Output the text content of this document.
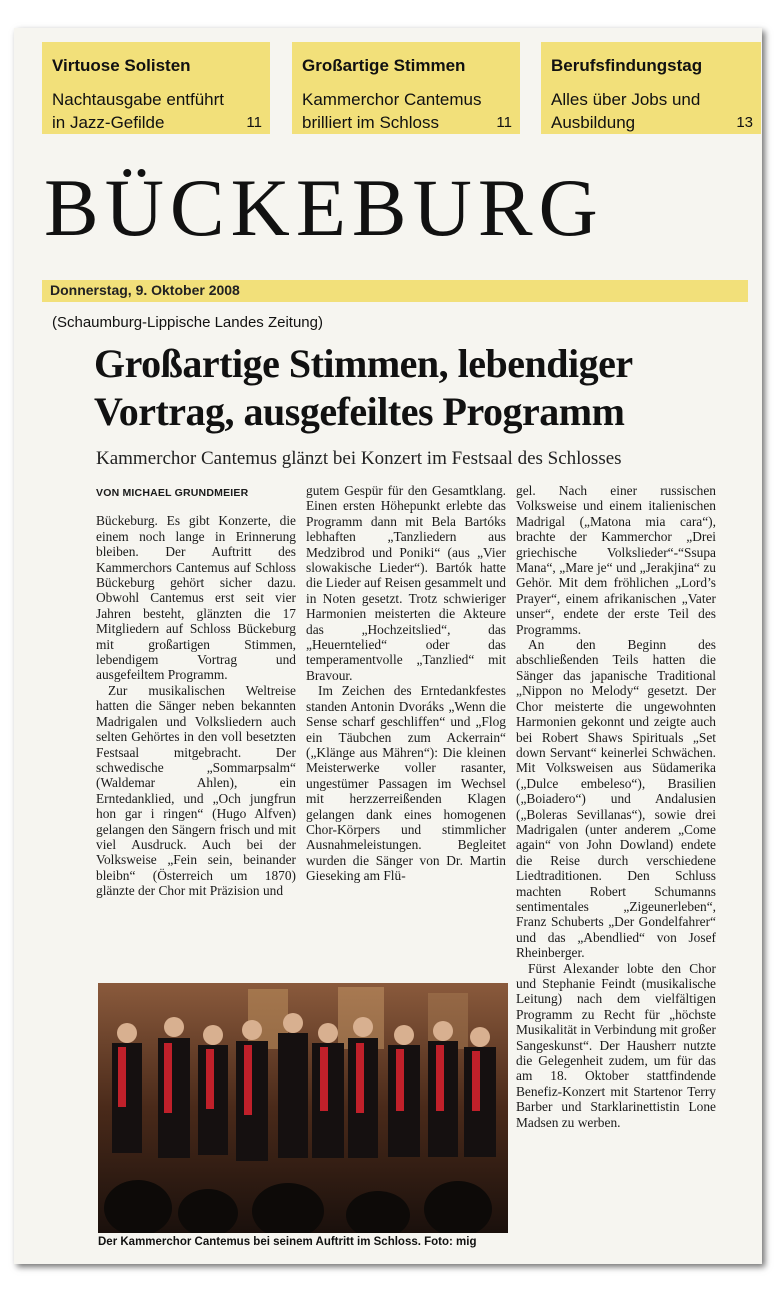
Virtuose Solisten
Nachtausgabe entführt in Jazz-Gefilde	11
Großartige Stimmen
Kammerchor Cantemus brilliert im Schloss	11
Berufsfindungstag
Alles über Jobs und Ausbildung	13
BÜCKEBURG
Donnerstag, 9. Oktober 2008
(Schaumburg-Lippische Landes Zeitung)
Großartige Stimmen, lebendiger Vortrag, ausgefeiltes Programm
Kammerchor Cantemus glänzt bei Konzert im Festsaal des Schlosses
VON MICHAEL GRUNDMEIER

Bückeburg. Es gibt Konzerte, die einem noch lange in Erinnerung bleiben. Der Auftritt des Kammerchors Cantemus auf Schloss Bückeburg gehört sicher dazu. Obwohl Cantemus erst seit vier Jahren besteht, glänzten die 17 Mitgliedern auf Schloss Bückeburg mit großartigen Stimmen, lebendigem Vortrag und ausgefeiltem Programm.

Zur musikalischen Weltreise hatten die Sänger neben bekannten Madrigalen und Volksliedern auch selten Gehörtes in den voll besetzten Festsaal mitgebracht. Der schwedische „Sommarpsalm“ (Waldemar Ahlen), ein Erntedanklied, und „Och jungfrun hon gar i ringen“ (Hugo Alfven) gelangen den Sängern frisch und mit viel Ausdruck. Auch bei der Volksweise „Fein sein, beinander bleibn“ (Österreich um 1870) glänzte der Chor mit Präzision und

gutem Gespür für den Gesamtklang. Einen ersten Höhepunkt erlebte das Programm dann mit Bela Bartóks lebhaften „Tanzliedern aus Medzibrod und Poniki“ (aus „Vier slowakische Lieder“). Bartók hatte die Lieder auf Reisen gesammelt und in Noten gesetzt. Trotz schwieriger Harmonien meisterten die Akteure das „Hochzeitslied“, das „Heuerntelied“ oder das temperamentvolle „Tanzlied“ mit Bravour.

Im Zeichen des Erntedankfestes standen Antonin Dvoráks „Wenn die Sense scharf geschliffen“ und „Flog ein Täubchen zum Ackerrain“ („Klänge aus Mähren“): Die kleinen Meisterwerke voller rasanter, ungestümer Passagen im Wechsel mit herzzerreißenden Klagen gelangen dank eines homogenen Chor-Körpers und stimmlicher Ausnahmeleistungen. Begleitet wurden die Sänger von Dr. Martin Gieseking am Flü-

gel. Nach einer russischen Volksweise und einem italienischen Madrigal („Matona mia cara“), brachte der Kammerchor „Drei griechische Volkslieder“-“Ssupa Mana“, „Mare je“ und „Jerakjina“ zu Gehör. Mit dem fröhlichen „Lord’s Prayer“, einem afrikanischen „Vater unser“, endete der erste Teil des Programms.

An den Beginn des abschließenden Teils hatten die Sänger das japanische Traditional „Nippon no Melody“ gesetzt. Der Chor meisterte die ungewohnten Harmonien gekonnt und zeigte auch bei Robert Shaws Spirituals „Set down Servant“ keinerlei Schwächen. Mit Volksweisen aus Südamerika („Dulce embeleso“), Brasilien („Boiadero“) und Andalusien („Boleras Sevillanas“), sowie drei Madrigalen (unter anderem „Come again“ von John Dowland) endete die Reise durch verschiedene Liedtraditionen. Den Schluss machten Robert Schumanns sentimentales „Zigeunerleben“, Franz Schuberts „Der Gondelfahrer“ und das „Abendlied“ von Josef Rheinberger.

Fürst Alexander lobte den Chor und Stephanie Feindt (musikalische Leitung) nach dem vielfältigen Programm zu Recht für „höchste Musikalität in Verbindung mit großer Sangeskunst“. Der Hausherr nutzte die Gelegenheit zudem, um für das am 18. Oktober stattfindende Benefiz-Konzert mit Startenor Terry Barber und Starklarinettistin Lone Madsen zu werben.

Der Kammerchor Cantemus bei seinem Auftritt im Schloss. Foto: mig
